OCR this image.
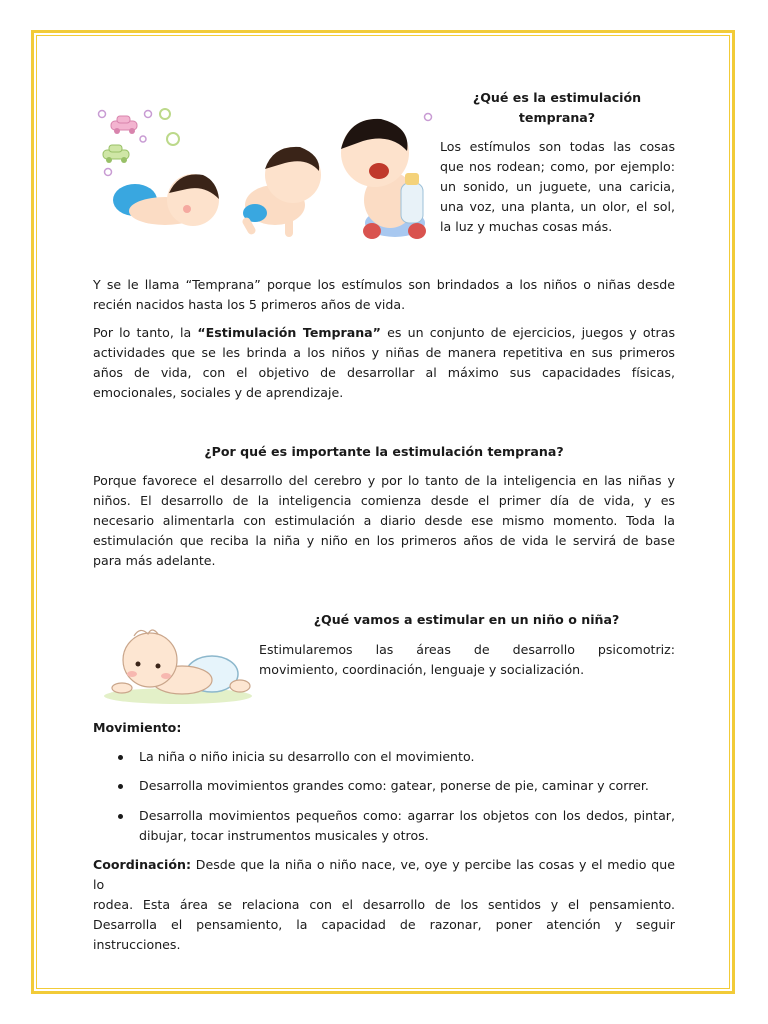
¿Qué es la estimulación
temprana?
Los estímulos son todas las cosas
que nos rodean; como, por ejemplo:
un sonido, un juguete, una caricia,
una voz, una planta, un olor, el sol,
la luz y muchas cosas más.
Y se le llama “Temprana” porque los estímulos son brindados a los niños o niñas desde
recién nacidos hasta los 5 primeros años de vida.
Por lo tanto, la “Estimulación Temprana” es un conjunto de ejercicios, juegos y otras
actividades que se les brinda a los niños y niñas de manera repetitiva en sus primeros
años de vida, con el objetivo de desarrollar al máximo sus capacidades físicas,
emocionales, sociales y de aprendizaje.
¿Por qué es importante la estimulación temprana?
Porque favorece el desarrollo del cerebro y por lo tanto de la inteligencia en las niñas y
niños. El desarrollo de la inteligencia comienza desde el primer día de vida, y es
necesario alimentarla con estimulación a diario desde ese mismo momento. Toda la
estimulación que reciba la niña y niño en los primeros años de vida le servirá de base
para más adelante.
¿Qué vamos a estimular en un niño o niña?
Estimularemos las áreas de desarrollo psicomotriz:
movimiento, coordinación, lenguaje y socialización.
Movimiento:
La niña o niño inicia su desarrollo con el movimiento.
Desarrolla movimientos grandes como: gatear, ponerse de pie, caminar y correr.
Desarrolla movimientos pequeños como: agarrar los objetos con los dedos, pintar,
dibujar, tocar instrumentos musicales y otros.
Coordinación: Desde que la niña o niño nace, ve, oye y percibe las cosas y el medio que lo
rodea. Esta área se relaciona con el desarrollo de los sentidos y el pensamiento.
Desarrolla el pensamiento, la capacidad de razonar, poner atención y seguir
instrucciones.
